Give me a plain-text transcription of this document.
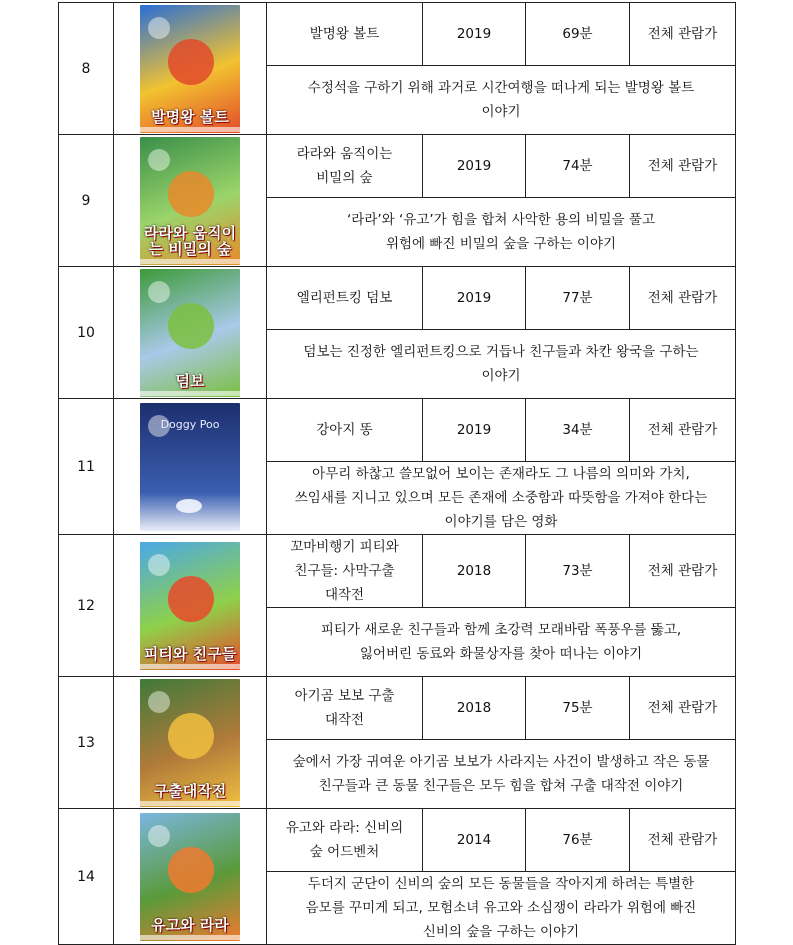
8	발명왕 볼트	발명왕 볼트	2019	69분	전체 관람가

		수정석을 구하기 위해 과거로 시간여행을 떠나게 되는 발명왕 볼트
이야기			

9	라라와 움직이는 비밀의 숲	라라와 움직이는
비밀의 숲	2019	74분	전체 관람가

		‘라라’와 ‘유고’가 힘을 합쳐 사악한 용의 비밀을 풀고
위험에 빠진 비밀의 숲을 구하는 이야기			

10	덤보	엘리펀트킹 덤보	2019	77분	전체 관람가

		덤보는 진정한 엘리펀트킹으로 거듭나 친구들과 차칸 왕국을 구하는
이야기			

11	Doggy Poo	강아지 똥	2019	34분	전체 관람가

		아무리 하찮고 쓸모없어 보이는 존재라도 그 나름의 의미와 가치,
쓰임새를 지니고 있으며 모든 존재에 소중함과 따뜻함을 가져야 한다는
이야기를 담은 영화			

12	피티와 친구들	꼬마비행기 피티와
친구들: 사막구출
대작전	2018	73분	전체 관람가

		피티가 새로운 친구들과 함께 초강력 모래바람 폭풍우를 뚫고,
잃어버린 동료와 화물상자를 찾아 떠나는 이야기			

13	구출대작전	아기곰 보보 구출
대작전	2018	75분	전체 관람가

		숲에서 가장 귀여운 아기곰 보보가 사라지는 사건이 발생하고 작은 동물
친구들과 큰 동물 친구들은 모두 힘을 합쳐 구출 대작전 이야기			

14	유고와 라라	유고와 라라: 신비의
숲 어드벤처	2014	76분	전체 관람가

		두더지 군단이 신비의 숲의 모든 동물들을 작아지게 하려는 특별한
음모를 꾸미게 되고, 모험소녀 유고와 소심쟁이 라라가 위험에 빠진
신비의 숲을 구하는 이야기			
